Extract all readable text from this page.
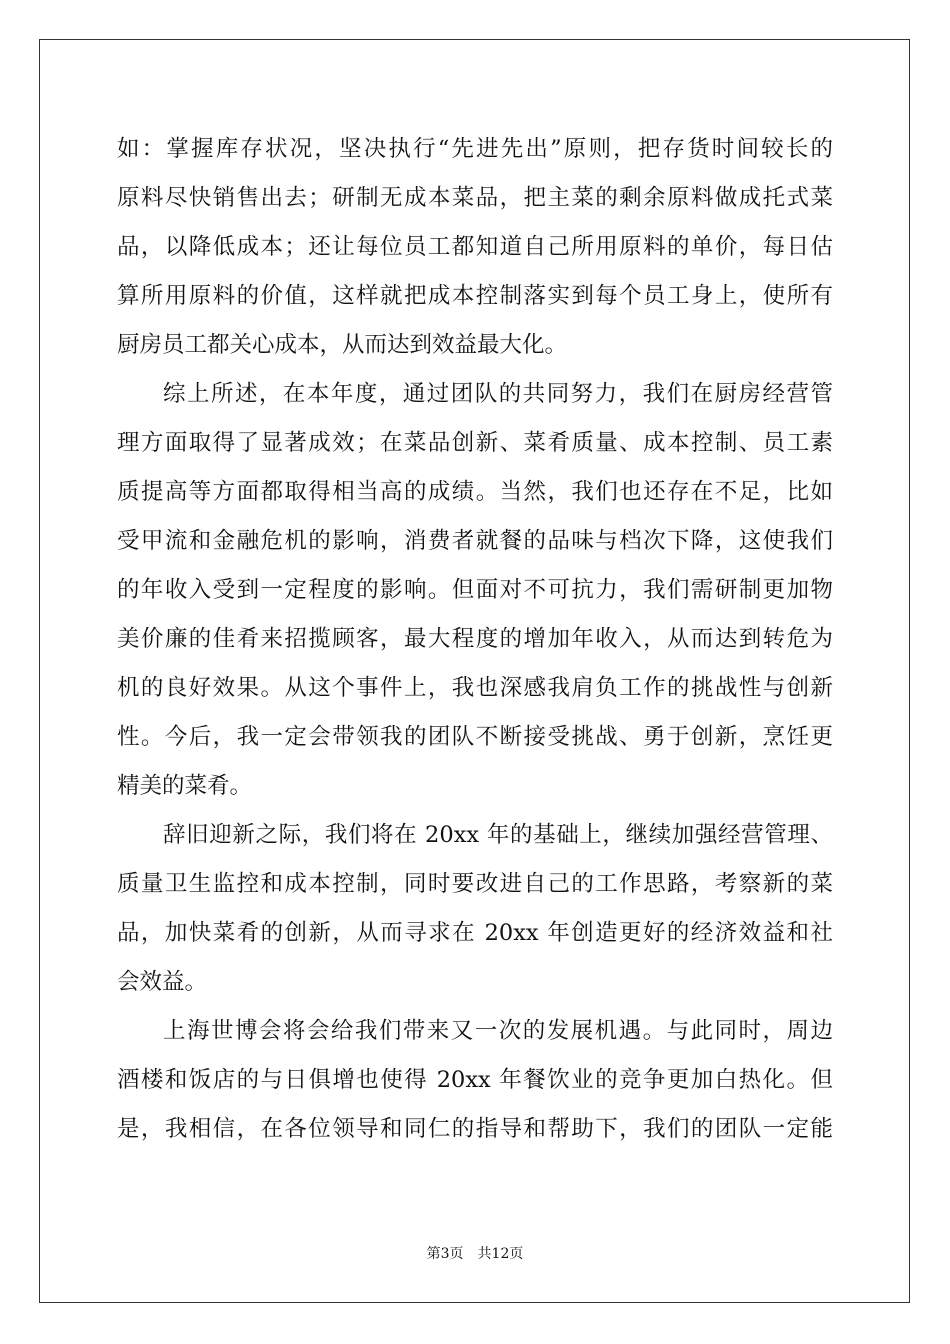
如：掌握库存状况，坚决执行“先进先出”原则，把存货时间较长的
原料尽快销售出去；研制无成本菜品，把主菜的剩余原料做成托式菜
品，以降低成本；还让每位员工都知道自己所用原料的单价，每日估
算所用原料的价值，这样就把成本控制落实到每个员工身上，使所有
厨房员工都关心成本，从而达到效益最大化。
综上所述，在本年度，通过团队的共同努力，我们在厨房经营管
理方面取得了显著成效；在菜品创新、菜肴质量、成本控制、员工素
质提高等方面都取得相当高的成绩。当然，我们也还存在不足，比如
受甲流和金融危机的影响，消费者就餐的品味与档次下降，这使我们
的年收入受到一定程度的影响。但面对不可抗力，我们需研制更加物
美价廉的佳肴来招揽顾客，最大程度的增加年收入，从而达到转危为
机的良好效果。从这个事件上，我也深感我肩负工作的挑战性与创新
性。今后，我一定会带领我的团队不断接受挑战、勇于创新，烹饪更
精美的菜肴。
辞旧迎新之际，我们将在 20xx 年的基础上，继续加强经营管理、
质量卫生监控和成本控制，同时要改进自己的工作思路，考察新的菜
品，加快菜肴的创新，从而寻求在 20xx 年创造更好的经济效益和社
会效益。
上海世博会将会给我们带来又一次的发展机遇。与此同时，周边
酒楼和饭店的与日俱增也使得 20xx 年餐饮业的竞争更加白热化。但
是，我相信，在各位领导和同仁的指导和帮助下，我们的团队一定能
第3页 共12页
